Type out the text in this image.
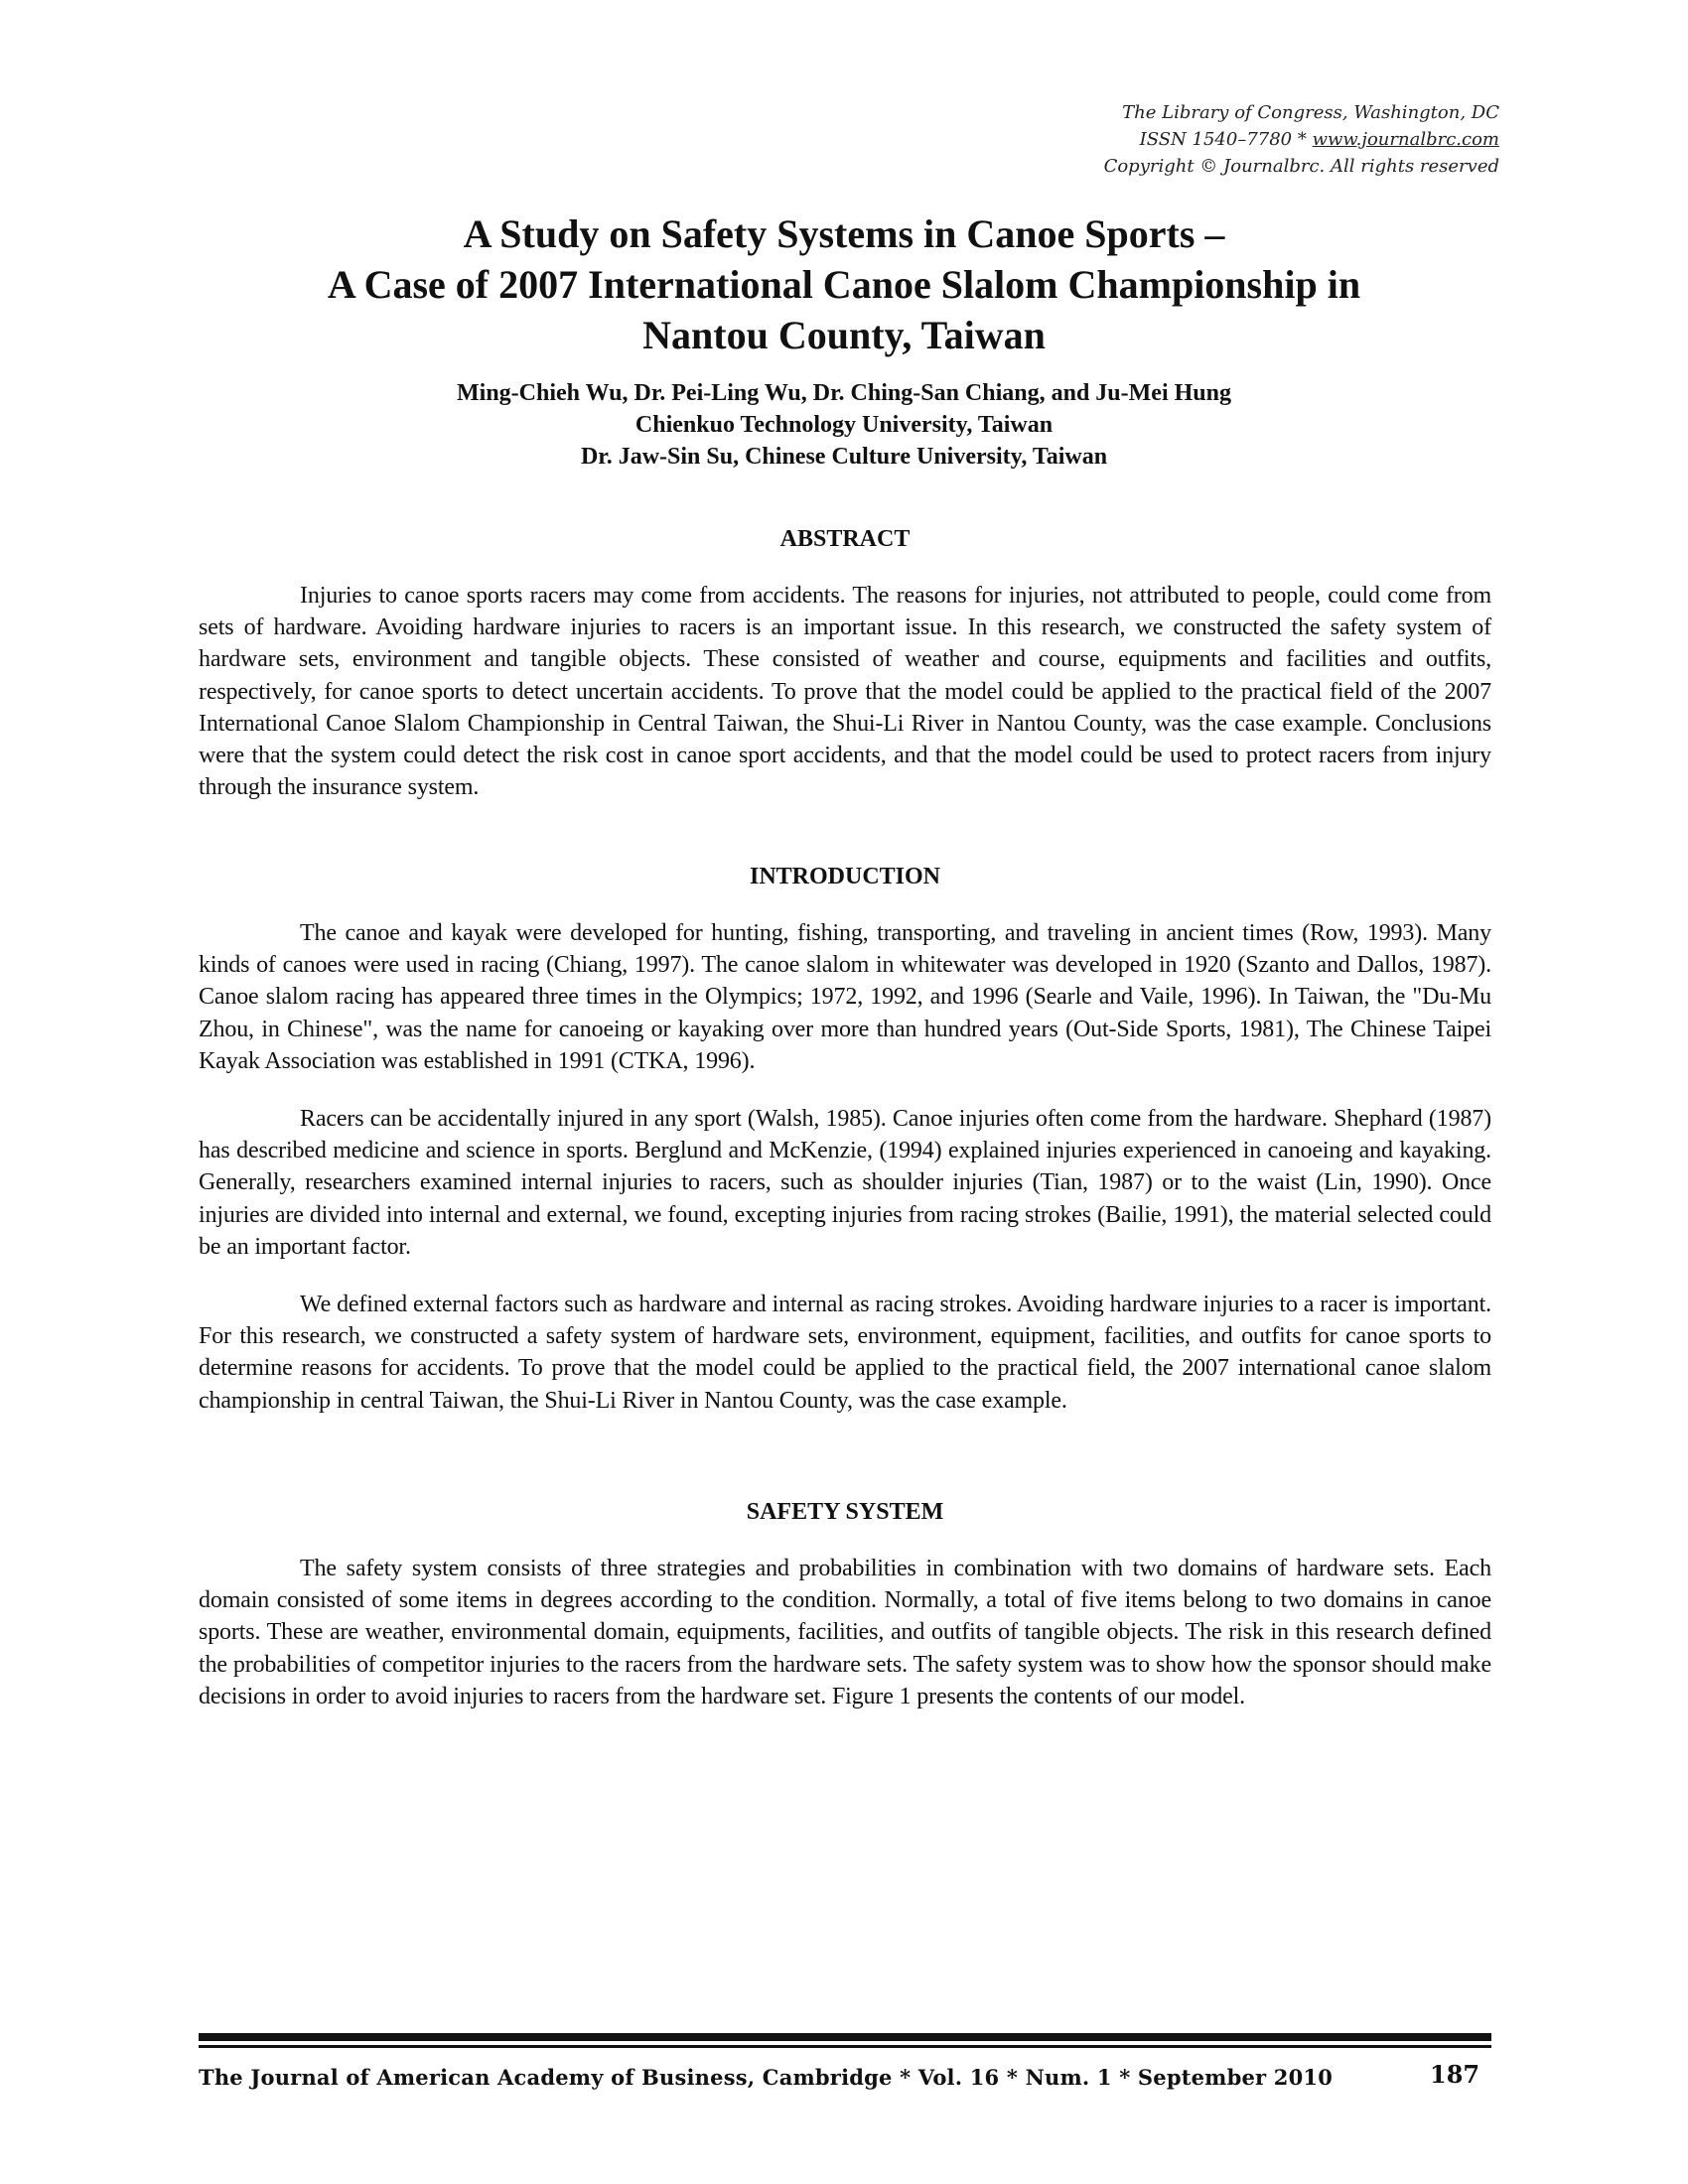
The Library of Congress, Washington, DC
ISSN 1540–7780 * www.journalbrc.com
Copyright © Journalbrc. All rights reserved
A Study on Safety Systems in Canoe Sports –
A Case of 2007 International Canoe Slalom Championship in
Nantou County, Taiwan
Ming-Chieh Wu, Dr. Pei-Ling Wu, Dr. Ching-San Chiang, and Ju-Mei Hung
Chienkuo Technology University, Taiwan
Dr. Jaw-Sin Su, Chinese Culture University, Taiwan

ABSTRACT

Injuries to canoe sports racers may come from accidents. The reasons for injuries, not attributed to people, could come from sets of hardware. Avoiding hardware injuries to racers is an important issue. In this research, we constructed the safety system of hardware sets, environment and tangible objects. These consisted of weather and course, equipments and facilities and outfits, respectively, for canoe sports to detect uncertain accidents. To prove that the model could be applied to the practical field of the 2007 International Canoe Slalom Championship in Central Taiwan, the Shui-Li River in Nantou County, was the case example. Conclusions were that the system could detect the risk cost in canoe sport accidents, and that the model could be used to protect racers from injury through the insurance system.

INTRODUCTION

The canoe and kayak were developed for hunting, fishing, transporting, and traveling in ancient times (Row, 1993). Many kinds of canoes were used in racing (Chiang, 1997). The canoe slalom in whitewater was developed in 1920 (Szanto and Dallos, 1987). Canoe slalom racing has appeared three times in the Olympics; 1972, 1992, and 1996 (Searle and Vaile, 1996). In Taiwan, the "Du-Mu Zhou, in Chinese", was the name for canoeing or kayaking over more than hundred years (Out-Side Sports, 1981), The Chinese Taipei Kayak Association was established in 1991 (CTKA, 1996).

Racers can be accidentally injured in any sport (Walsh, 1985). Canoe injuries often come from the hardware. Shephard (1987) has described medicine and science in sports. Berglund and McKenzie, (1994) explained injuries experienced in canoeing and kayaking. Generally, researchers examined internal injuries to racers, such as shoulder injuries (Tian, 1987) or to the waist (Lin, 1990). Once injuries are divided into internal and external, we found, excepting injuries from racing strokes (Bailie, 1991), the material selected could be an important factor.

We defined external factors such as hardware and internal as racing strokes. Avoiding hardware injuries to a racer is important. For this research, we constructed a safety system of hardware sets, environment, equipment, facilities, and outfits for canoe sports to determine reasons for accidents. To prove that the model could be applied to the practical field, the 2007 international canoe slalom championship in central Taiwan, the Shui-Li River in Nantou County, was the case example.

SAFETY SYSTEM

The safety system consists of three strategies and probabilities in combination with two domains of hardware sets. Each domain consisted of some items in degrees according to the condition. Normally, a total of five items belong to two domains in canoe sports. These are weather, environmental domain, equipments, facilities, and outfits of tangible objects. The risk in this research defined the probabilities of competitor injuries to the racers from the hardware sets. The safety system was to show how the sponsor should make decisions in order to avoid injuries to racers from the hardware set. Figure 1 presents the contents of our model.

The Journal of American Academy of Business, Cambridge * Vol. 16 * Num. 1 * September 2010	187
